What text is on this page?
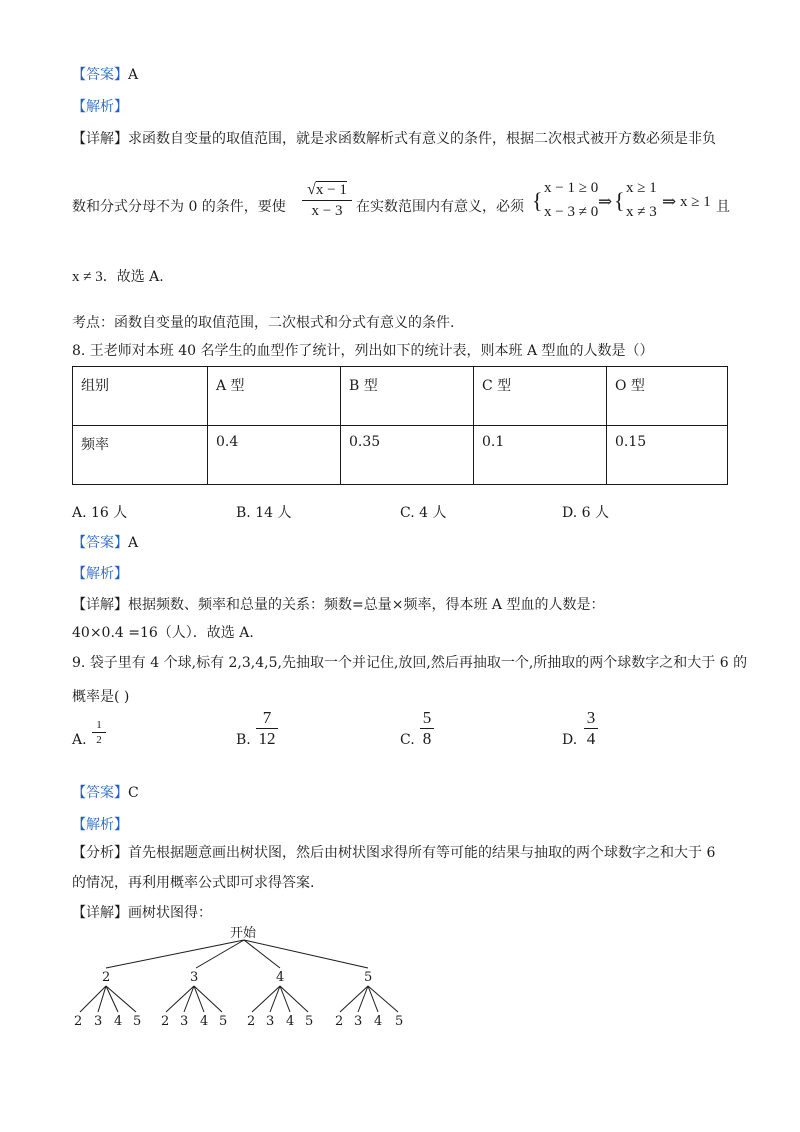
【答案】A
【解析】
【详解】求函数自变量的取值范围，就是求函数解析式有意义的条件，根据二次根式被开方数必须是非负
数和分式分母不为 0 的条件，要使
√x − 1
x − 3 在实数范围内有意义，必须 { x − 1 ≥ 0
x − 3 ≠ 0
⇒ { x ≥ 1
x ≠ 3
⇒ x ≥ 1 且
x ≠ 3．故选 A.
考点：函数自变量的取值范围，二次根式和分式有意义的条件.
8. 王老师对本班 40 名学生的血型作了统计，列出如下的统计表，则本班 A 型血的人数是（）
组别	A 型	B 型	C 型	O 型
频率	0.4	0.35	0.1	0.15
A. 16 人	B. 14 人	C. 4 人	D. 6 人
【答案】A
【解析】
【详解】根据频数、频率和总量的关系：频数=总量×频率，得本班 A 型血的人数是：
40×0.4 =16（人）．故选 A.
9. 袋子里有 4 个球,标有 2,3,4,5,先抽取一个并记住,放回,然后再抽取一个,所抽取的两个球数字之和大于 6 的
概率是( )
A.
1
2	B.
7
12	C.
5
8	D.
3
4
【答案】C
【解析】
【分析】首先根据题意画出树状图，然后由树状图求得所有等可能的结果与抽取的两个球数字之和大于 6
的情况，再利用概率公式即可求得答案.
【详解】画树状图得：
开始
2	3	4	5
2 3 4 5 2 3 4 5 2 3 4 5 2 3 4 5
